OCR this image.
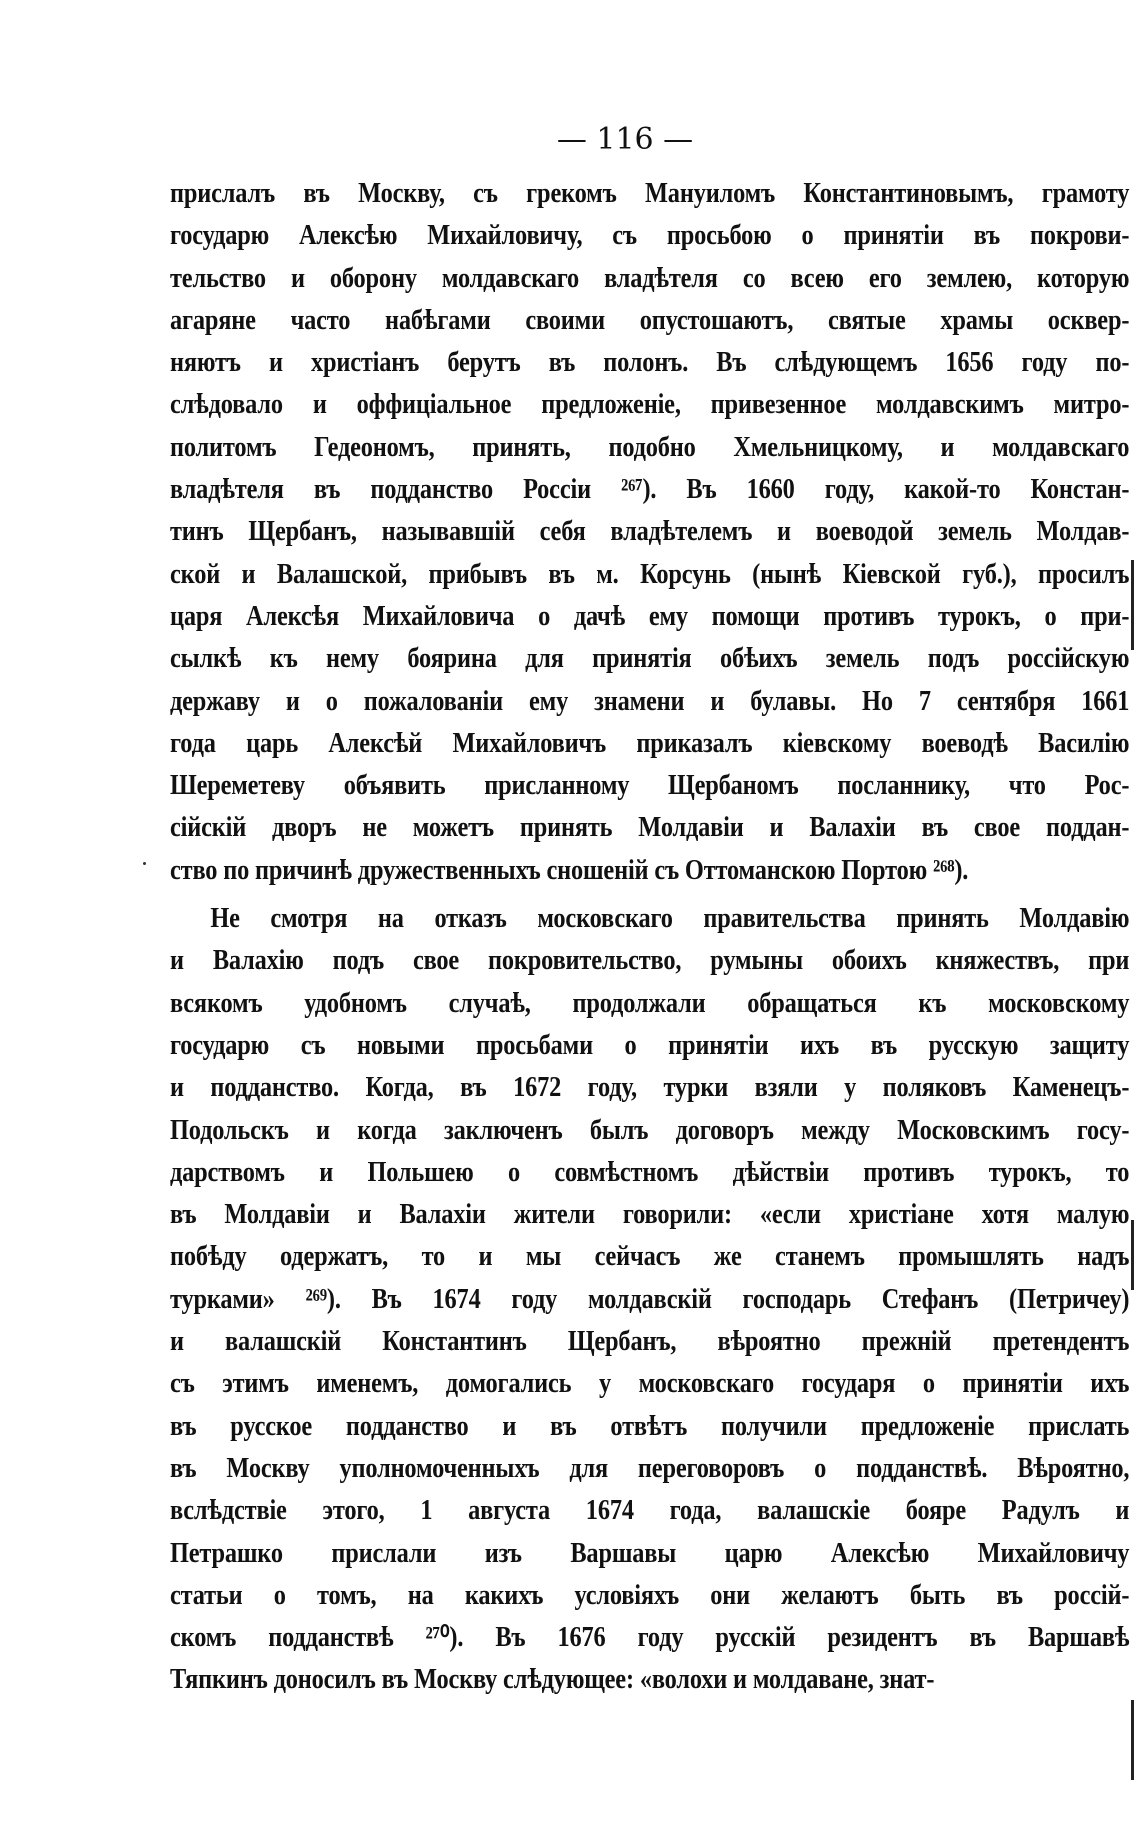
— 116 —
прислалъ въ Москву, съ грекомъ Мануиломъ Константиновымъ, грамоту
государю Алексѣю Михайловичу, съ просьбою о принятіи въ покрови-
тельство и оборону молдавскаго владѣтеля со всею его землею, которую
агаряне часто набѣгами своими опустошаютъ, святые храмы осквер-
няютъ и христіанъ берутъ въ полонъ. Въ слѣдующемъ 1656 году по-
слѣдовало и оффиціальное предложеніе, привезенное молдавскимъ митро-
политомъ Гедеономъ, принять, подобно Хмельницкому, и молдавскаго
владѣтеля въ подданство Россіи ²⁶⁷). Въ 1660 году, какой-то Констан-
тинъ Щербанъ, называвшій себя владѣтелемъ и воеводой земель Молдав-
ской и Валашской, прибывъ въ м. Корсунь (нынѣ Кіевской губ.), просилъ
царя Алексѣя Михайловича о дачѣ ему помощи противъ турокъ, о при-
сылкѣ къ нему боярина для принятія обѣихъ земель подъ россійскую
державу и о пожалованіи ему знамени и булавы. Но 7 сентября 1661
года царь Алексѣй Михайловичъ приказалъ кіевскому воеводѣ Василію
Шереметеву объявить присланному Щербаномъ посланнику, что Рос-
сійскій дворъ не можетъ принять Молдавіи и Валахіи въ свое поддан-
ство по причинѣ дружественныхъ сношеній съ Оттоманскою Портою ²⁶⁸).
Не смотря на отказъ московскаго правительства принять Молдавію
и Валахію подъ свое покровительство, румыны обоихъ княжествъ, при
всякомъ удобномъ случаѣ, продолжали обращаться къ московскому
государю съ новыми просьбами о принятіи ихъ въ русскую защиту
и подданство. Когда, въ 1672 году, турки взяли у поляковъ Каменецъ-
Подольскъ и когда заключенъ былъ договоръ между Московскимъ госу-
дарствомъ и Польшею о совмѣстномъ дѣйствіи противъ турокъ, то
въ Молдавіи и Валахіи жители говорили: «если христіане хотя малую
побѣду одержатъ, то и мы сейчасъ же станемъ промышлять надъ
турками» ²⁶⁹). Въ 1674 году молдавскій господарь Стефанъ (Петричеу)
и валашскій Константинъ Щербанъ, вѣроятно прежній претендентъ
съ этимъ именемъ, домогались у московскаго государя о принятіи ихъ
въ русское подданство и въ отвѣтъ получили предложеніе прислать
въ Москву уполномоченныхъ для переговоровъ о подданствѣ. Вѣроятно,
вслѣдствіе этого, 1 августа 1674 года, валашскіе бояре Радулъ и
Петрашко прислали изъ Варшавы царю Алексѣю Михайловичу
статьи о томъ, на какихъ условіяхъ они желаютъ быть въ россій-
скомъ подданствѣ ²⁷⁰). Въ 1676 году русскій резидентъ въ Варшавѣ
Тяпкинъ доносилъ въ Москву слѣдующее: «волохи и молдаване, знат-
